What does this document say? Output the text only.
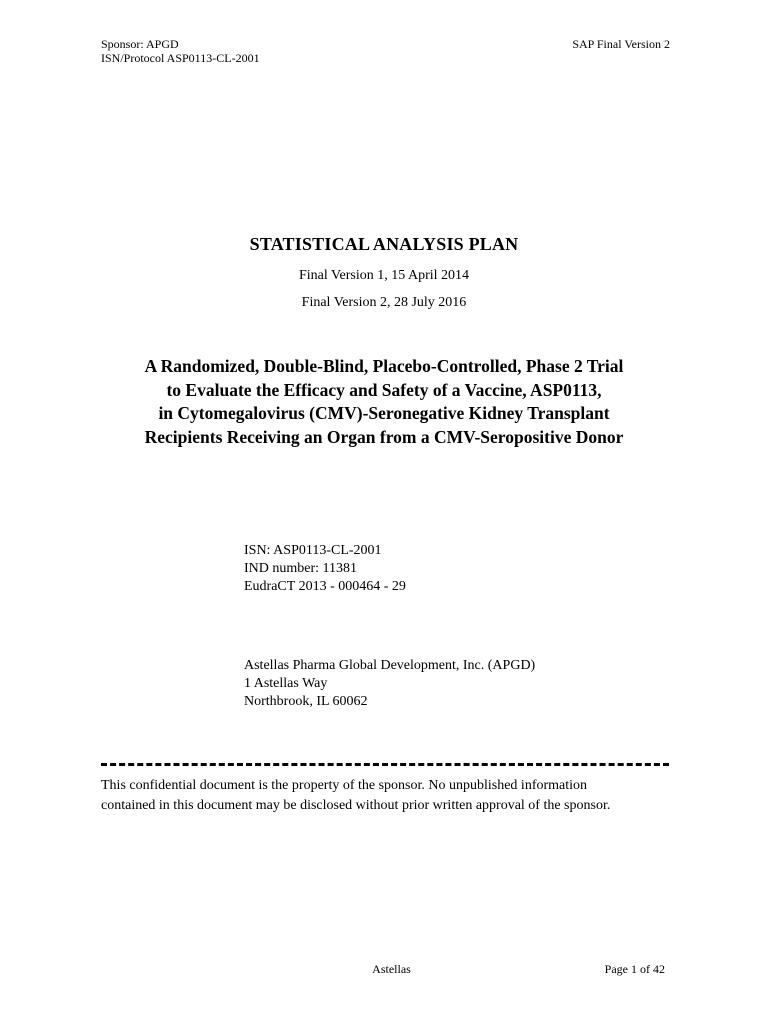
Sponsor: APGD
ISN/Protocol ASP0113-CL-2001
SAP Final Version 2
STATISTICAL ANALYSIS PLAN
Final Version 1, 15 April 2014
Final Version 2, 28 July 2016
A Randomized, Double-Blind, Placebo-Controlled, Phase 2 Trial
to Evaluate the Efficacy and Safety of a Vaccine, ASP0113,
in Cytomegalovirus (CMV)-Seronegative Kidney Transplant
Recipients Receiving an Organ from a CMV-Seropositive Donor
ISN: ASP0113-CL-2001
IND number: 11381
EudraCT 2013 - 000464 - 29
Astellas Pharma Global Development, Inc. (APGD)
1 Astellas Way
Northbrook, IL 60062
This confidential document is the property of the sponsor. No unpublished information
contained in this document may be disclosed without prior written approval of the sponsor.
Astellas	Page 1 of 42
